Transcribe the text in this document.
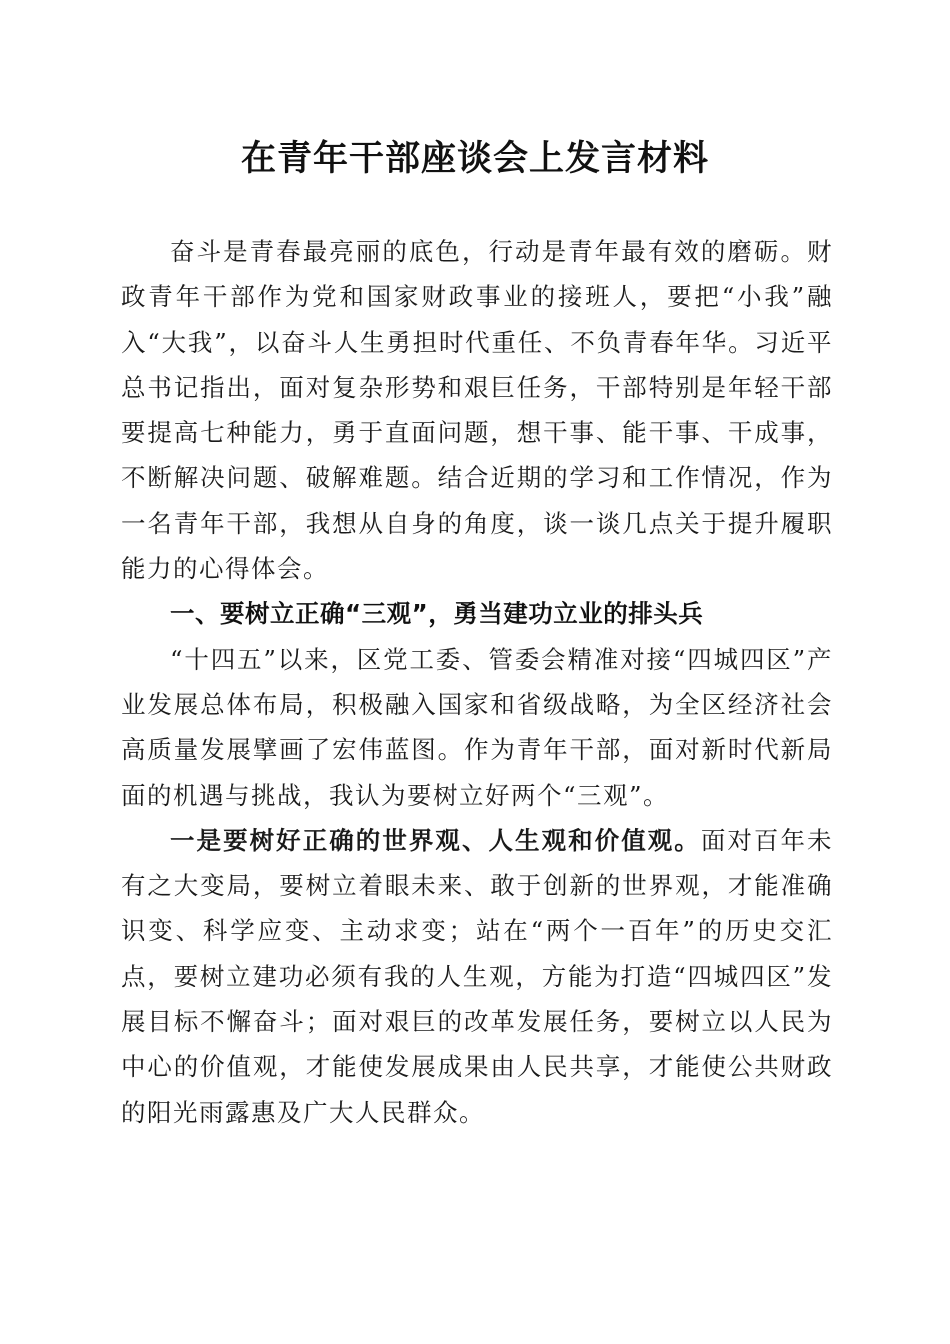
在青年干部座谈会上发言材料

奋斗是青春最亮丽的底色，行动是青年最有效的磨砺。财政青年干部作为党和国家财政事业的接班人，要把“小我”融入“大我”，以奋斗人生勇担时代重任、不负青春年华。习近平总书记指出，面对复杂形势和艰巨任务，干部特别是年轻干部要提高七种能力，勇于直面问题，想干事、能干事、干成事，不断解决问题、破解难题。结合近期的学习和工作情况，作为一名青年干部，我想从自身的角度，谈一谈几点关于提升履职能力的心得体会。

一、要树立正确“三观”，勇当建功立业的排头兵

“十四五”以来，区党工委、管委会精准对接“四城四区”产业发展总体布局，积极融入国家和省级战略，为全区经济社会高质量发展擘画了宏伟蓝图。作为青年干部，面对新时代新局面的机遇与挑战，我认为要树立好两个“三观”。

一是要树好正确的世界观、人生观和价值观。面对百年未有之大变局，要树立着眼未来、敢于创新的世界观，才能准确识变、科学应变、主动求变；站在“两个一百年”的历史交汇点，要树立建功必须有我的人生观，方能为打造“四城四区”发展目标不懈奋斗；面对艰巨的改革发展任务，要树立以人民为中心的价值观，才能使发展成果由人民共享，才能使公共财政的阳光雨露惠及广大人民群众。
